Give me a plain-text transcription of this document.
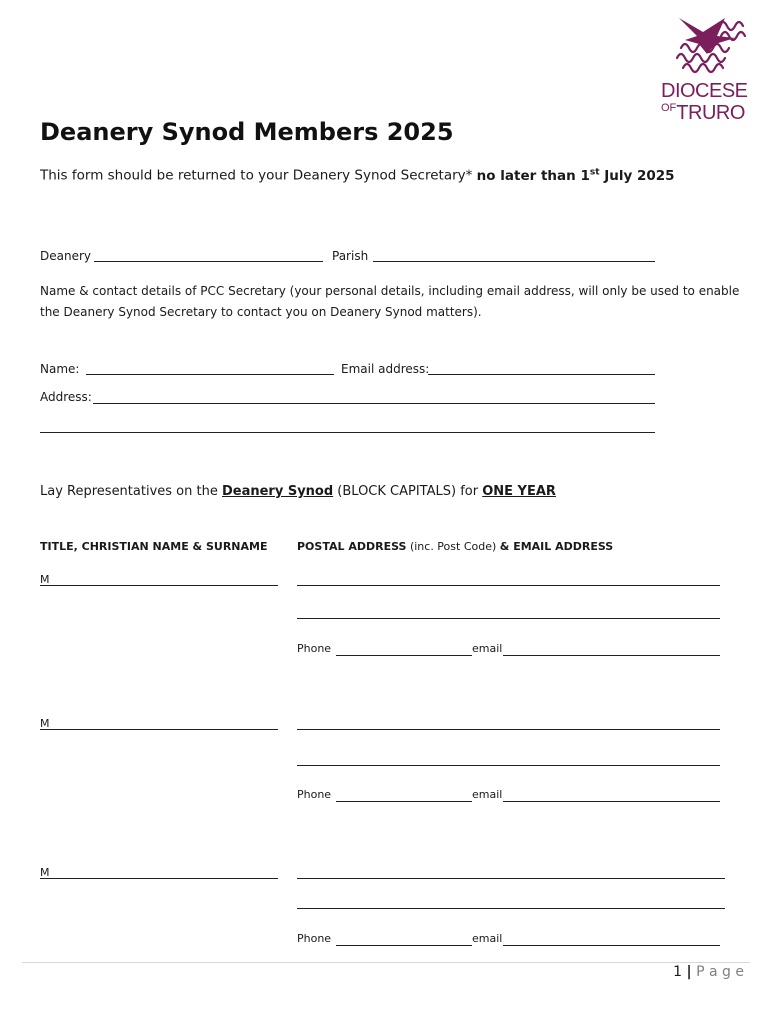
DIOCESE
$^{OF}$TRURO
Deanery Synod Members 2025
This form should be returned to your Deanery Synod Secretary* no later than 1st July 2025
Deanery	Parish
Name & contact details of PCC Secretary (your personal details, including email address, will only be used to enable
the Deanery Synod Secretary to contact you on Deanery Synod matters).
Name:	Email address:
Address:
Lay Representatives on the Deanery Synod (BLOCK CAPITALS) for ONE YEAR
TITLE, CHRISTIAN NAME & SURNAME	POSTAL ADDRESS (inc. Post Code) & EMAIL ADDRESS
M
Phone	email
M
Phone	email
M
Phone	email
1 | P a g e
